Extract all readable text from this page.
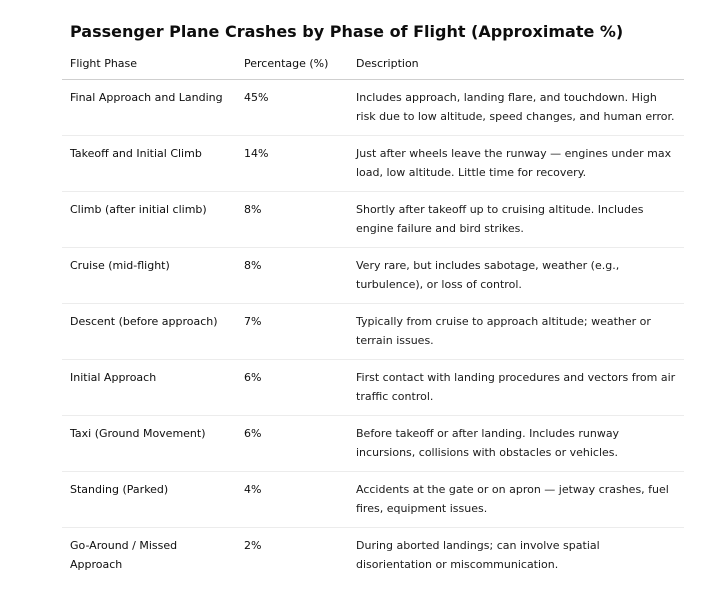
Passenger Plane Crashes by Phase of Flight (Approximate %)
Flight Phase	Percentage (%)	Description
Final Approach and Landing	45%	Includes approach, landing flare, and touchdown. High risk due to low altitude, speed changes, and human error.
Takeoff and Initial Climb	14%	Just after wheels leave the runway — engines under max load, low altitude. Little time for recovery.
Climb (after initial climb)	8%	Shortly after takeoff up to cruising altitude. Includes engine failure and bird strikes.
Cruise (mid-flight)	8%	Very rare, but includes sabotage, weather (e.g., turbulence), or loss of control.
Descent (before approach)	7%	Typically from cruise to approach altitude; weather or terrain issues.
Initial Approach	6%	First contact with landing procedures and vectors from air traffic control.
Taxi (Ground Movement)	6%	Before takeoff or after landing. Includes runway incursions, collisions with obstacles or vehicles.
Standing (Parked)	4%	Accidents at the gate or on apron — jetway crashes, fuel fires, equipment issues.
Go-Around / Missed Approach	2%	During aborted landings; can involve spatial disorientation or miscommunication.
